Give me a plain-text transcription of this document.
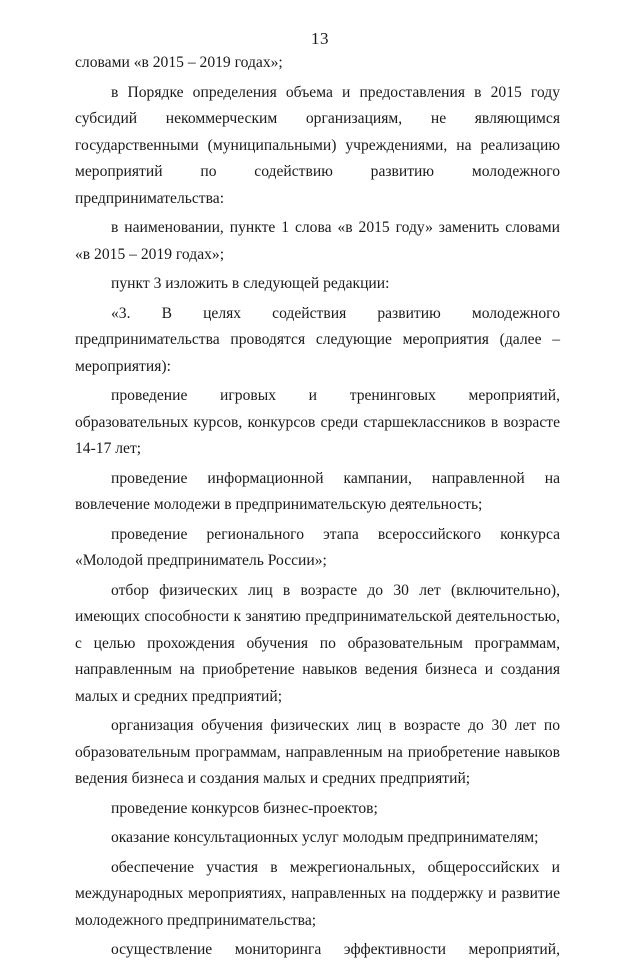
13

словами «в 2015 – 2019 годах»;

в Порядке определения объема и предоставления в 2015 году субсидий некоммерческим организациям, не являющимся государственными (муниципальными) учреждениями, на реализацию мероприятий по содействию развитию молодежного предпринимательства:

в наименовании, пункте 1 слова «в 2015 году» заменить словами «в 2015 – 2019 годах»;

пункт 3 изложить в следующей редакции:

«3. В целях содействия развитию молодежного предпринимательства проводятся следующие мероприятия (далее – мероприятия):

проведение игровых и тренинговых мероприятий, образовательных курсов, конкурсов среди старшеклассников в возрасте 14-17 лет;

проведение информационной кампании, направленной на вовлечение молодежи в предпринимательскую деятельность;

проведение регионального этапа всероссийского конкурса «Молодой предприниматель России»;

отбор физических лиц в возрасте до 30 лет (включительно), имеющих способности к занятию предпринимательской деятельностью, с целью прохождения обучения по образовательным программам, направленным на приобретение навыков ведения бизнеса и создания малых и средних предприятий;

организация обучения физических лиц в возрасте до 30 лет по образовательным программам, направленным на приобретение навыков ведения бизнеса и создания малых и средних предприятий;

проведение конкурсов бизнес-проектов;

оказание консультационных услуг молодым предпринимателям;

обеспечение участия в межрегиональных, общероссийских и международных мероприятиях, направленных на поддержку и развитие молодежного предпринимательства;

осуществление мониторинга эффективности мероприятий,
